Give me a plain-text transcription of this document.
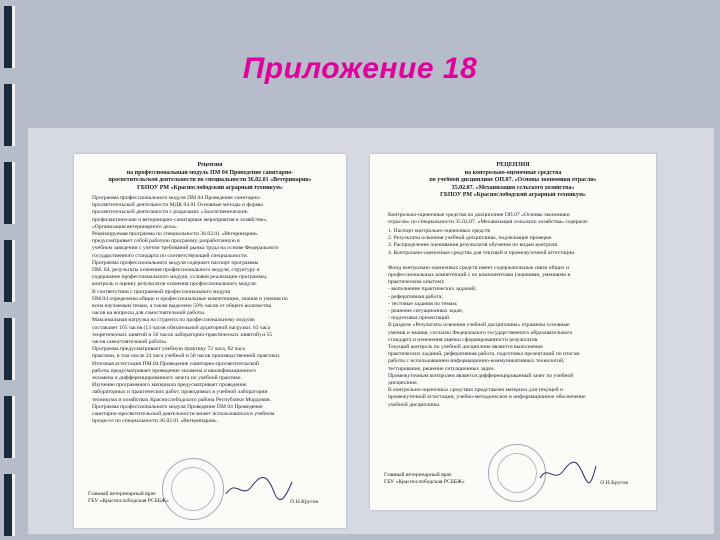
Приложение 18
Рецензия
на профессиональный модуль ПМ 04 Проведение санитарно-
просветительской деятельности по специальности 36.02.01 «Ветеринария»
ГБПОУ РМ «Краснослободский аграрный техникум»
Программа профессионального модуля ПМ 04 Проведение санитарно-
просветительской деятельности МДК 04.01 Основные методы и формы
просветительской деятельности с разделами: «Зоогигиенические,
профилактические и ветеринарно-санитарные мероприятия в хозяйстве»,
«Организация ветеринарного дела».
Рецензируемая программа по специальности 36.02.01 «Ветеринария»
предусматривает собой рабочую программу, разработанную в
учебном заведении с учетом требований рынка труда на основе Федерального
государственного стандарта по соответствующей специальности.
Программа профессионального модуля содержит паспорт программы
ПМ. 04, результаты освоения профессионального модуля, структуру и
содержание профессионального модуля, условия реализации программы,
контроль и оценку результатов освоения профессионального модуля.
В соответствии с программой профессионального модуля
ПМ.04 определены общие и профессиональные компетенции, знания и умения по
всем изучаемым темам, а также выделено 50% часов от общего количества
часов на вопросы для самостоятельной работы.
Максимальная нагрузка на студента по профессиональному модулю
составляет 165 часов (13 часов обязательной аудиторной нагрузки: 63 часа
теоретических занятий и 50 часов лабораторно-практических занятий) и 55
часов самостоятельной работы.
Программа предусматривает учебную практику 72 часа, 82 часа
практики, в том числе 24 часа учебной и 58 часов производственной практики.
Итоговая аттестация ПМ.04 Проведение санитарно-просветительской
работы предусматривает проведение экзамена и квалификационного
экзамена и дифференцированного зачета по учебной практике.
Изучение программного материала предусматривает проведение
лабораторных и практических работ, проводимых в учебной лаборатории
техникума и хозяйствах Краснослободского района Республики Мордовия.
Программа профессионального модуля Проведение ПМ 04 Проведение
санитарно-просветительской деятельности может использоваться в учебном
процессе по специальности 36.02.01 «Ветеринария».
Главный ветеринарный врач
ГБУ «Краснослободская РСББЖ»	О.Н.Кругов
РЕЦЕНЗИЯ
на контрольно-оценочные средства
по учебной дисциплине ОП.07. «Основы экономики отрасли»
35.02.07. «Механизация сельского хозяйства»
ГБПОУ РМ «Краснослободский аграрный техникум»
Контрольно-оценочные средства по дисциплине ОП.07 «Основы экономики
отрасли» по специальности 35.02.07. «Механизация сельского хозяйства» содержат:
1. Паспорт контрольно-оценочных средств
2. Результаты освоения учебной дисциплины, подлежащие проверке.
3. Распределение оценивания результатов обучения по видам контроля.
4. Контрольно-оценочные средства для текущей и промежуточной аттестации.
Фонд контрольно-оценочных средств имеет содержательные связи общих и
профессиональных компетенций с их компонентами (знаниями, умениями и
практическим опытом):
- выполнение практических заданий;
- реферативная работа;
- тестовые задания по темам;
- решение ситуационных задач;
- подготовка презентаций.
В разделе «Результаты освоения учебной дисциплины» отражены основные
умения и знания, согласно Федерального государственного образовательного
стандарта и изменения оценки сформированности результатов.
Текущий контроль по учебной дисциплине является выполнение
практических заданий, реферативная работа, подготовка презентаций по итогам
работы с использованием информационно-коммуникативных технологий,
тестирование, решение ситуационных задач.
Промежуточным контролем является дифференцированный зачет по учебной
дисциплине.
В контрольно-оценочных средствах представлен материал для текущей и
промежуточной аттестации, учебно-методическое и информационное обеспечение
учебной дисциплины.
Главный ветеринарный врач
ГБУ «Краснослободская РСББЖ»	О.Н.Кругов
